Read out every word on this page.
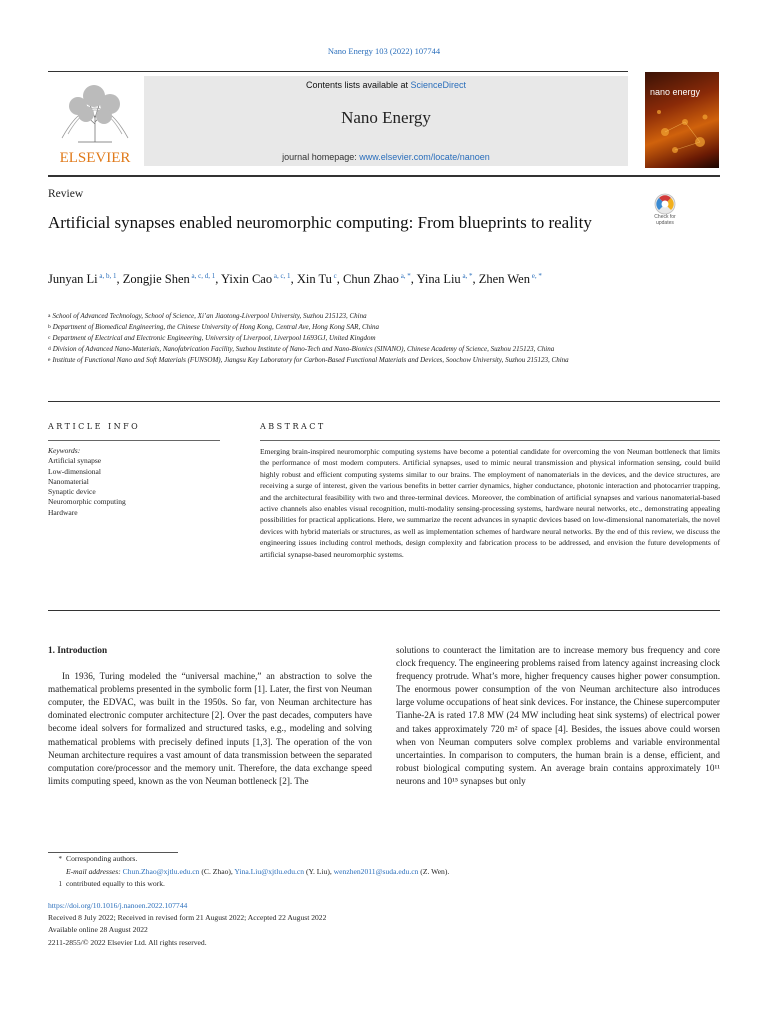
Nano Energy 103 (2022) 107744
ELSEVIER
Contents lists available at ScienceDirect
Nano Energy
journal homepage: www.elsevier.com/locate/nanoen
nano energy
Review
Artificial synapses enabled neuromorphic computing: From blueprints to reality	Check for updates
Junyan Li $^{a, b, 1}$, Zongjie Shen $^{a, c, d, 1}$, Yixin Cao $^{a, c, 1}$, Xin Tu $^c$, Chun Zhao $^{a, *}$, Yina Liu $^{a, *}$, Zhen Wen $^{e, *}$
$^a$ School of Advanced Technology, School of Science, Xi’an Jiaotong-Liverpool University, Suzhou 215123, China
$^b$ Department of Biomedical Engineering, the Chinese University of Hong Kong, Central Ave, Hong Kong SAR, China
$^c$ Department of Electrical and Electronic Engineering, University of Liverpool, Liverpool L693GJ, United Kingdom
$^d$ Division of Advanced Nano-Materials, Nanofabrication Facility, Suzhou Institute of Nano-Tech and Nano-Bionics (SINANO), Chinese Academy of Science, Suzhou 215123, China
$^e$ Institute of Functional Nano and Soft Materials (FUNSOM), Jiangsu Key Laboratory for Carbon-Based Functional Materials and Devices, Soochow University, Suzhou 215123, China
ARTICLE INFO	ABSTRACT
Keywords:
Artificial synapse
Low-dimensional
Nanomaterial
Synaptic device
Neuromorphic computing
Hardware
Emerging brain-inspired neuromorphic computing systems have become a potential candidate for overcoming the von Neuman bottleneck that limits the performance of most modern computers. Artificial synapses, used to mimic neural transmission and physical information sensing, could build highly robust and efficient computing systems similar to our brains. The employment of nanomaterials in the devices, and the device structures, are receiving a surge of interest, given the various benefits in better carrier dynamics, higher conductance, photonic interaction and photocarrier trapping, and the architectural feasibility with two and three-terminal devices. Moreover, the combination of artificial synapses and various nanomaterial-based active channels also enables visual recognition, multi-modality sensing-processing systems, hardware neural networks, etc., demonstrating appealing possibilities for practical applications. Here, we summarize the recent advances in synaptic devices based on low-dimensional nanomaterials, the novel devices with hybrid materials or structures, as well as implementation schemes of hardware neural networks. By the end of this review, we discuss the engineering issues including control methods, design complexity and fabrication process to be addressed, and envision the future developments of artificial synapse-based neuromorphic systems.
1. Introduction

In 1936, Turing modeled the “universal machine,” an abstraction to solve the mathematical problems presented in the symbolic form [1]. Later, the first von Neuman computer, the EDVAC, was built in the 1950s. So far, von Neuman architecture has dominated electronic computer architecture [2]. Over the past decades, computers have become ideal solvers for formalized and structured tasks, e.g., modeling and solving mathematical problems with precisely defined inputs [1,3]. The operation of the von Neuman architecture requires a vast amount of data transmission between the separated computation core/processor and the memory unit. Therefore, the data exchange speed limits computing speed, known as the von Neuman bottleneck [2]. The

solutions to counteract the limitation are to increase memory bus frequency and core clock frequency. The engineering problems raised from latency against increasing clock frequency protrude. What’s more, higher frequency causes higher power consumption. The enormous power consumption of the von Neuman architecture also introduces large volume occupations of heat sink devices. For instance, the Chinese supercomputer Tianhe-2A is rated 17.8 MW (24 MW including heat sink systems) of electrical power and takes approximately 720 m² of space [4]. Besides, the issues above could worsen when von Neuman computers solve complex problems and variable environmental uncertainties. In comparison to computers, the human brain is a dense, efficient, and robust biological computing system. An average brain contains approximately 10¹¹ neurons and 10¹⁵ synapses but only

* Corresponding authors.
E-mail addresses: Chun.Zhao@xjtlu.edu.cn (C. Zhao), Yina.Liu@xjtlu.edu.cn (Y. Liu), wenzhen2011@suda.edu.cn (Z. Wen).
1 contributed equally to this work.
https://doi.org/10.1016/j.nanoen.2022.107744
Received 8 July 2022; Received in revised form 21 August 2022; Accepted 22 August 2022
Available online 28 August 2022
2211-2855/© 2022 Elsevier Ltd. All rights reserved.
